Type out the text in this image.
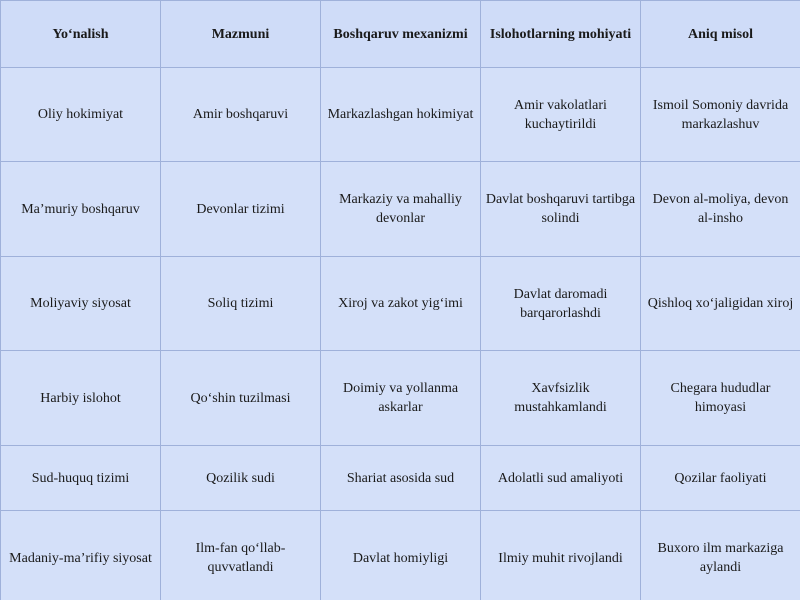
Yo‘nalish	Mazmuni	Boshqaruv mexanizmi	Islohotlarning mohiyati	Aniq misol
Oliy hokimiyat	Amir boshqaruvi	Markazlashgan hokimiyat	Amir vakolatlari kuchaytirildi	Ismoil Somoniy davrida markazlashuv
Ma’muriy boshqaruv	Devonlar tizimi	Markaziy va mahalliy devonlar	Davlat boshqaruvi tartibga solindi	Devon al-moliya, devon al-insho
Moliyaviy siyosat	Soliq tizimi	Xiroj va zakot yig‘imi	Davlat daromadi barqarorlashdi	Qishloq xo‘jaligidan xiroj
Harbiy islohot	Qo‘shin tuzilmasi	Doimiy va yollanma askarlar	Xavfsizlik mustahkamlandi	Chegara hududlar himoyasi
Sud-huquq tizimi	Qozilik sudi	Shariat asosida sud	Adolatli sud amaliyoti	Qozilar faoliyati
Madaniy-ma’rifiy siyosat	Ilm-fan qo‘llab-quvvatlandi	Davlat homiyligi	Ilmiy muhit rivojlandi	Buxoro ilm markaziga aylandi
